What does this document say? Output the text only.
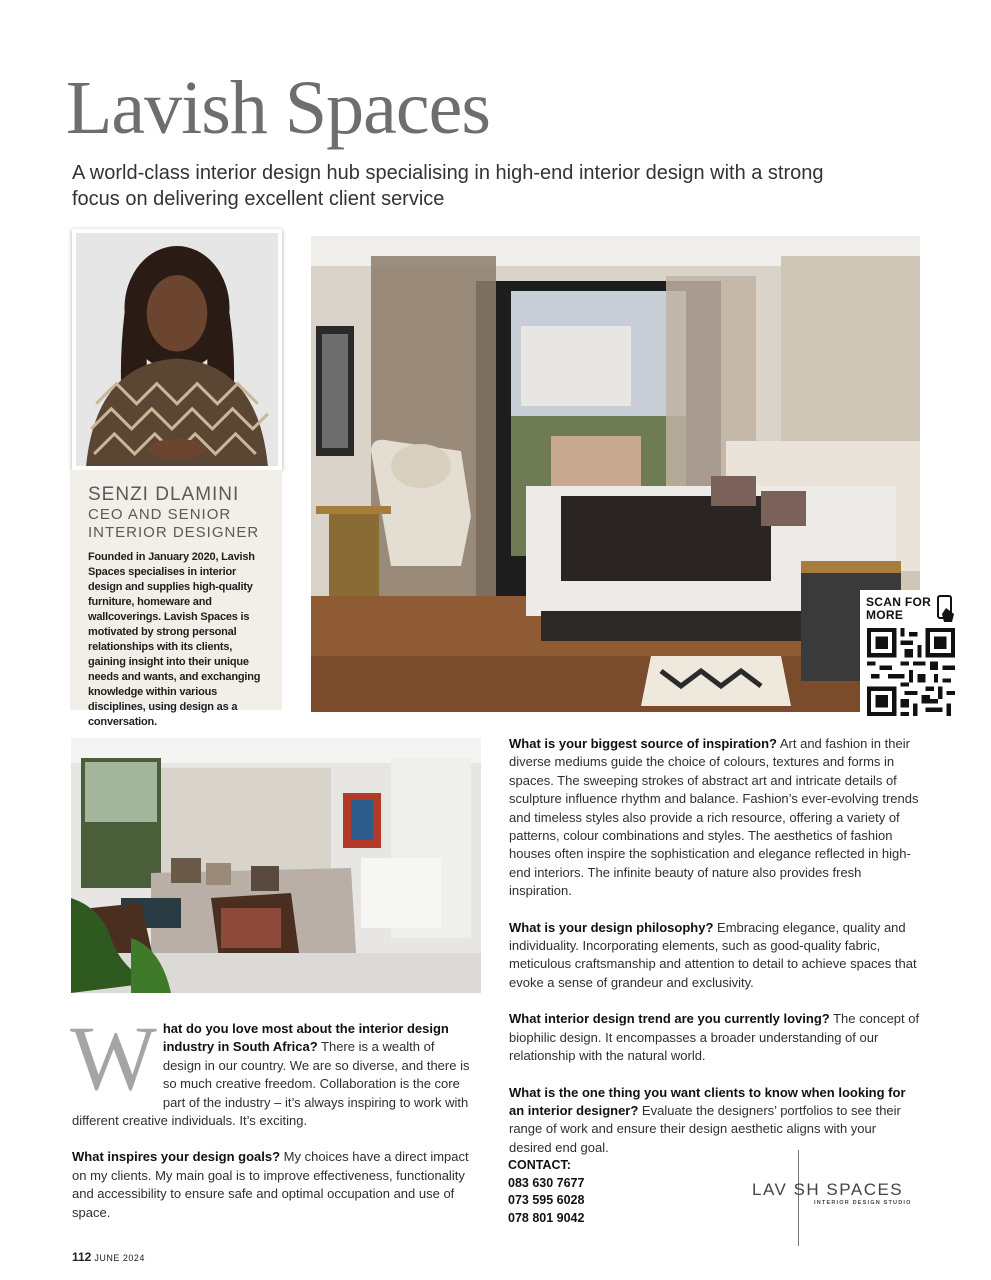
Lavish Spaces

A world-class interior design hub specialising in high-end interior design with a strong focus on delivering excellent client service

SENZI DLAMINI
CEO AND SENIOR
INTERIOR DESIGNER

Founded in January 2020, Lavish Spaces specialises in interior design and supplies high-quality furniture, homeware and wallcoverings. Lavish Spaces is motivated by strong personal relationships with its clients, gaining insight into their unique needs and wants, and exchanging knowledge within various disciplines, using design as a conversation.

SCAN FOR
MORE

What do you love most about the interior design industry in South Africa? There is a wealth of design in our country. We are so diverse, and there is so much creative freedom. Collaboration is the core part of the industry – it’s always inspiring to work with different creative individuals. It’s exciting.

What inspires your design goals? My choices have a direct impact on my clients. My main goal is to improve effectiveness, functionality and accessibility to ensure safe and optimal occupation and use of space.

What is your biggest source of inspiration? Art and fashion in their diverse mediums guide the choice of colours, textures and forms in spaces. The sweeping strokes of abstract art and intricate details of sculpture influence rhythm and balance. Fashion’s ever-evolving trends and timeless styles also provide a rich resource, offering a variety of patterns, colour combinations and styles. The aesthetics of fashion houses often inspire the sophistication and elegance reflected in high-end interiors. The infinite beauty of nature also provides fresh inspiration.

What is your design philosophy? Embracing elegance, quality and individuality. Incorporating elements, such as good-quality fabric, meticulous craftsmanship and attention to detail to achieve spaces that evoke a sense of grandeur and exclusivity.

What interior design trend are you currently loving? The concept of biophilic design. It encompasses a broader understanding of our relationship with the natural world.

What is the one thing you want clients to know when looking for an interior designer? Evaluate the designers’ portfolios to see their range of work and ensure their design aesthetic aligns with your desired end goal.

CONTACT:
083 630 7677
073 595 6028
078 801 9042
LAV SH SPACES
INTERIOR DESIGN STUDIO
112 JUNE 2024
